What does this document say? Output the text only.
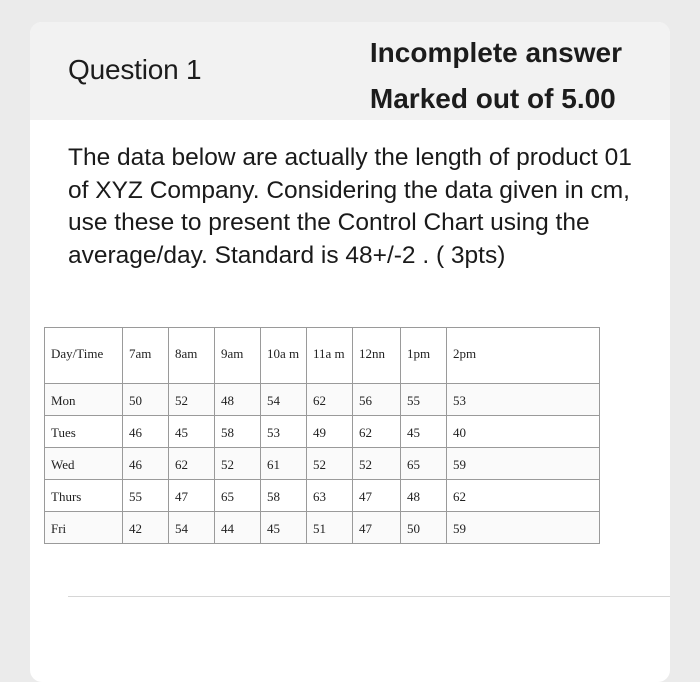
Question 1
Incomplete answer
Marked out of 5.00
The data below are actually the length of product 01 of XYZ Company. Considering the data given in cm, use these to present the Control Chart using the average/day. Standard is 48+/-2 . ( 3pts)
Day/Time	7am	8am	9am	10a m	11a m	12nn	1pm	2pm
Mon	50	52	48	54	62	56	55	53
Tues	46	45	58	53	49	62	45	40
Wed	46	62	52	61	52	52	65	59
Thurs	55	47	65	58	63	47	48	62
Fri	42	54	44	45	51	47	50	59
